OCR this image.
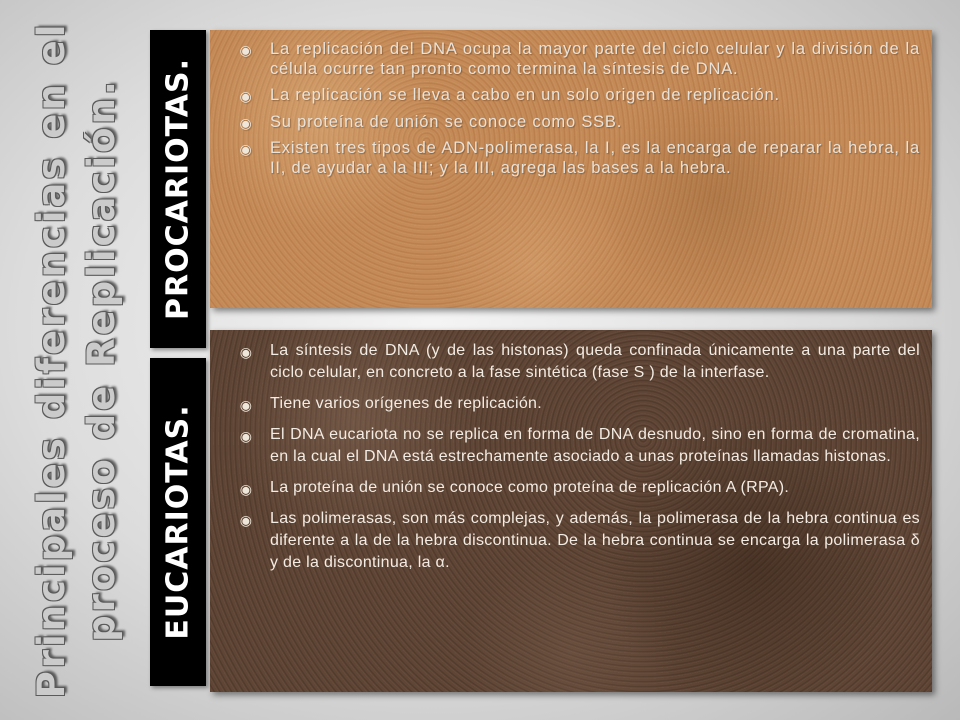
Principales diferencias en el proceso de Replicación. PROCARIOTAS.
EUCARIOTAS.
◉ La replicación del DNA ocupa la mayor parte del ciclo celular y la división de la célula ocurre tan pronto como termina la síntesis de DNA.
◉ La replicación se lleva a cabo en un solo origen de replicación.
◉ Su proteína de unión se conoce como SSB.
◉ Existen tres tipos de ADN-polimerasa, la I, es la encarga de reparar la hebra, la II, de ayudar a la III; y la III, agrega las bases a la hebra.
◉ La síntesis de DNA (y de las histonas) queda confinada únicamente a una parte del ciclo celular, en concreto a la fase sintética (fase S ) de la interfase.
◉ Tiene varios orígenes de replicación.
◉ El DNA eucariota no se replica en forma de DNA desnudo, sino en forma de cromatina, en la cual el DNA está estrechamente asociado a unas proteínas llamadas histonas.
◉ La proteína de unión se conoce como proteína de replicación A (RPA).
◉ Las polimerasas, son más complejas, y además, la polimerasa de la hebra continua es diferente a la de la hebra discontinua. De la hebra continua se encarga la polimerasa δ y de la discontinua, la α.
